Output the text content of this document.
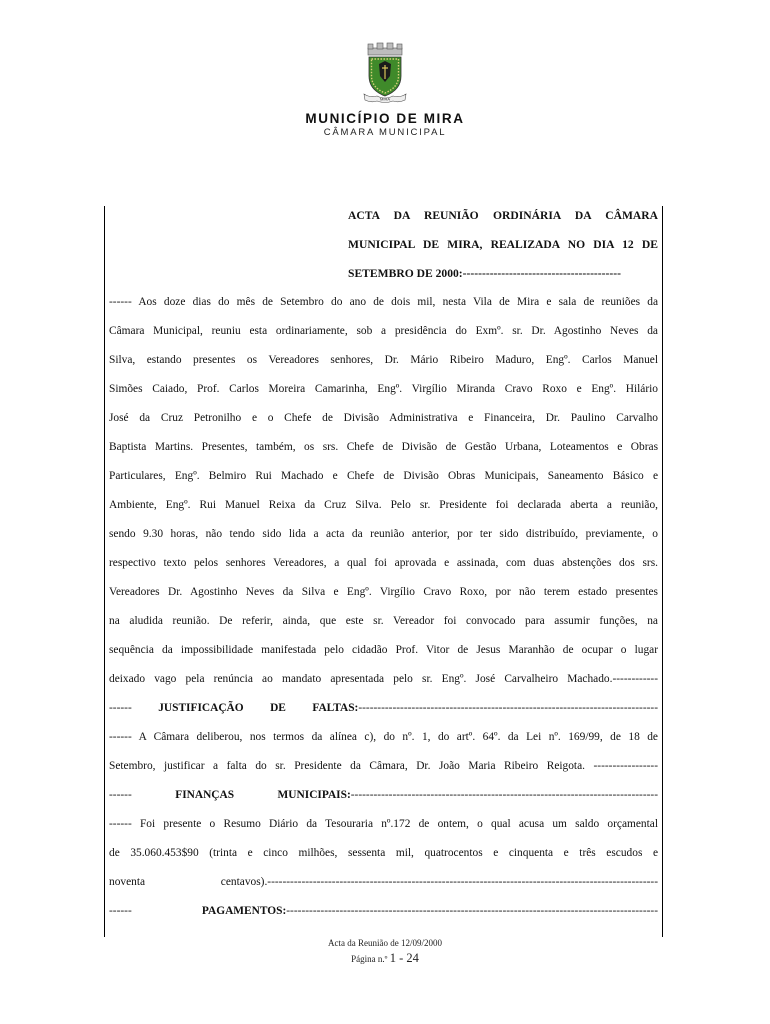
MIRA
MUNICÍPIO DE MIRA
CÂMARA MUNICIPAL
ACTA DA REUNIÃO ORDINÁRIA DA CÂMARA
MUNICIPAL DE MIRA, REALIZADA NO DIA 12 DE
SETEMBRO DE 2000:-----------------------------------------
------ Aos doze dias do mês de Setembro do ano de dois mil, nesta Vila de Mira e sala de reuniões da
Câmara Municipal, reuniu esta ordinariamente, sob a presidência do Exmº. sr. Dr. Agostinho Neves da
Silva, estando presentes os Vereadores senhores, Dr. Mário Ribeiro Maduro, Engº. Carlos Manuel
Simões Caiado, Prof. Carlos Moreira Camarinha, Engº. Virgílio Miranda Cravo Roxo e Engº. Hilário
José da Cruz Petronilho e o Chefe de Divisão Administrativa e Financeira, Dr. Paulino Carvalho
Baptista Martins. Presentes, também, os srs. Chefe de Divisão de Gestão Urbana, Loteamentos e Obras
Particulares, Engº. Belmiro Rui Machado e Chefe de Divisão Obras Municipais, Saneamento Básico e
Ambiente, Engº. Rui Manuel Reixa da Cruz Silva. Pelo sr. Presidente foi declarada aberta a reunião,
sendo 9.30 horas, não tendo sido lida a acta da reunião anterior, por ter sido distribuído, previamente, o
respectivo texto pelos senhores Vereadores, a qual foi aprovada e assinada, com duas abstenções dos srs.
Vereadores Dr. Agostinho Neves da Silva e Engº. Virgílio Cravo Roxo, por não terem estado presentes
na aludida reunião. De referir, ainda, que este sr. Vereador foi convocado para assumir funções, na
sequência da impossibilidade manifestada pelo cidadão Prof. Vitor de Jesus Maranhão de ocupar o lugar
deixado vago pela renúncia ao mandato apresentada pelo sr. Engº. José Carvalheiro Machado.------------
------ JUSTIFICAÇÃO DE FALTAS:-------------------------------------------------------------------------------
------ A Câmara deliberou, nos termos da alínea c), do nº. 1, do artº. 64º. da Lei nº. 169/99, de 18 de
Setembro, justificar a falta do sr. Presidente da Câmara, Dr. João Maria Ribeiro Reigota. -----------------
------ FINANÇAS MUNICIPAIS:---------------------------------------------------------------------------------
------ Foi presente o Resumo Diário da Tesouraria nº.172 de ontem, o qual acusa um saldo orçamental
de 35.060.453$90 (trinta e cinco milhões, sessenta mil, quatrocentos e cinquenta e três escudos e
noventa centavos).-------------------------------------------------------------------------------------------------------
------ PAGAMENTOS:--------------------------------------------------------------------------------------------------
Acta da Reunião de 12/09/2000
Página n.º 1 - 24
